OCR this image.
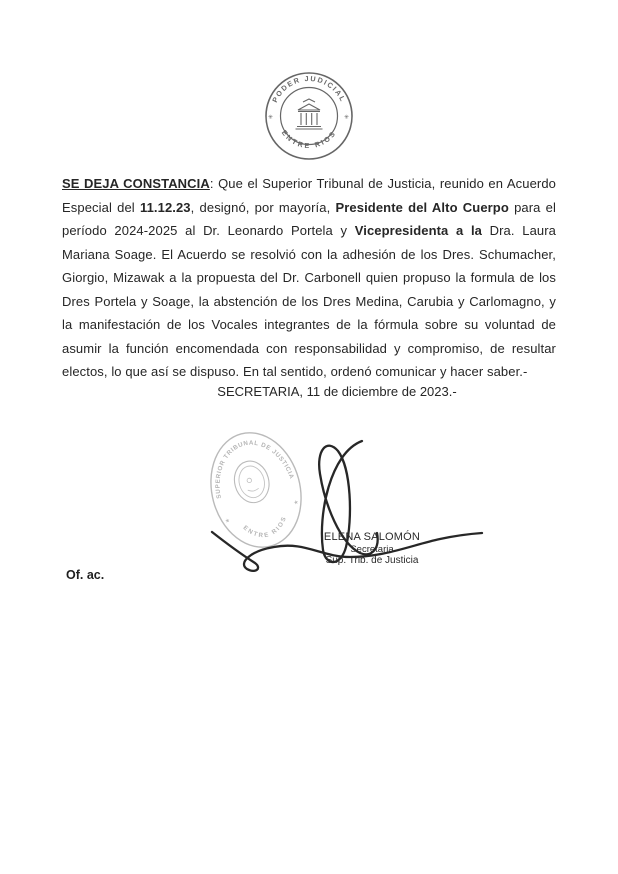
PODER JUDICIAL
ENTRE RIOS
✳	✳
SE DEJA CONSTANCIA: Que el Superior Tribunal de Justicia, reunido en Acuerdo Especial del 11.12.23, designó, por mayoría, Presidente del Alto Cuerpo para el período 2024-2025 al Dr. Leonardo Portela y Vicepresidenta a la Dra. Laura Mariana Soage. El Acuerdo se resolvió con la adhesión de los Dres. Schumacher, Giorgio, Mizawak a la propuesta del Dr. Carbonell quien propuso la formula de los Dres Portela y Soage, la abstención de los Dres Medina, Carubia y Carlomagno, y la manifestación de los Vocales integrantes de la fórmula sobre su voluntad de asumir la función encomendada con responsabilidad y compromiso, de resultar electos, lo que así se dispuso. En tal sentido, ordenó comunicar y hacer saber.-
SECRETARIA, 11 de diciembre de 2023.-
SUPERIOR TRIBUNAL DE JUSTICIA
ENTRE RIOS
★
★
ELENA SALOMÓN
Secretaria
Sup. Trib. de Justicia
Of. ac.
